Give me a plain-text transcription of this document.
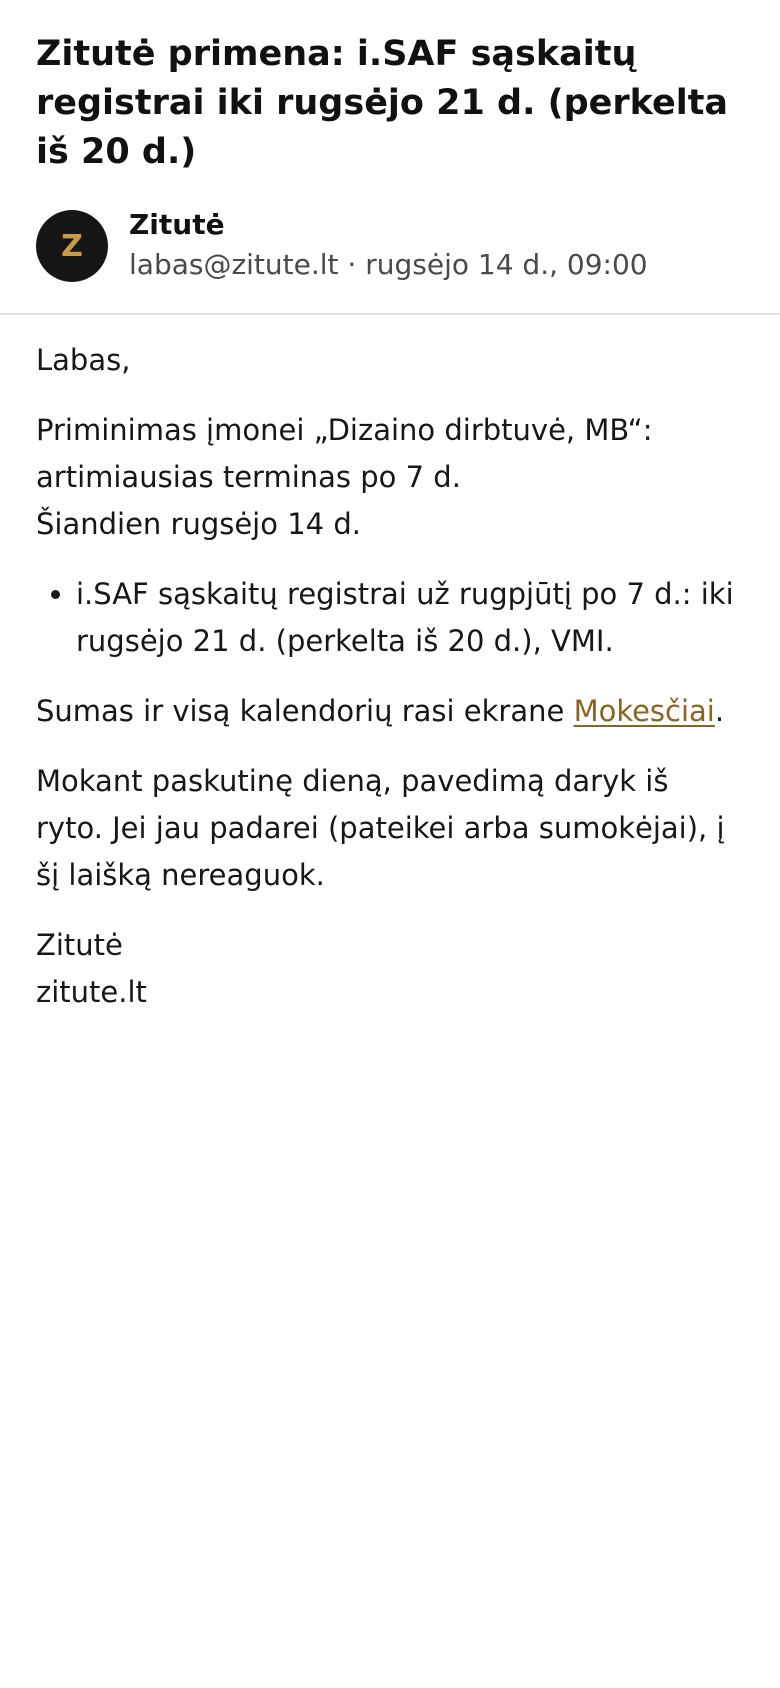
Zitutė primena: i.SAF sąskaitų registrai iki rugsėjo 21 d. (perkelta iš 20 d.)
Z
Zitutė
labas@zitute.lt · rugsėjo 14 d., 09:00

Labas,

Priminimas įmonei „Dizaino dirbtuvė, MB“: artimiausias terminas po 7 d.
Šiandien rugsėjo 14 d.

• i.SAF sąskaitų registrai už rugpjūtį po 7 d.: iki rugsėjo 21 d. (perkelta iš 20 d.), VMI.

Sumas ir visą kalendorių rasi ekrane Mokesčiai.

Mokant paskutinę dieną, pavedimą daryk iš ryto. Jei jau padarei (pateikei arba sumokėjai), į šį laišką nereaguok.

Zitutė
zitute.lt
